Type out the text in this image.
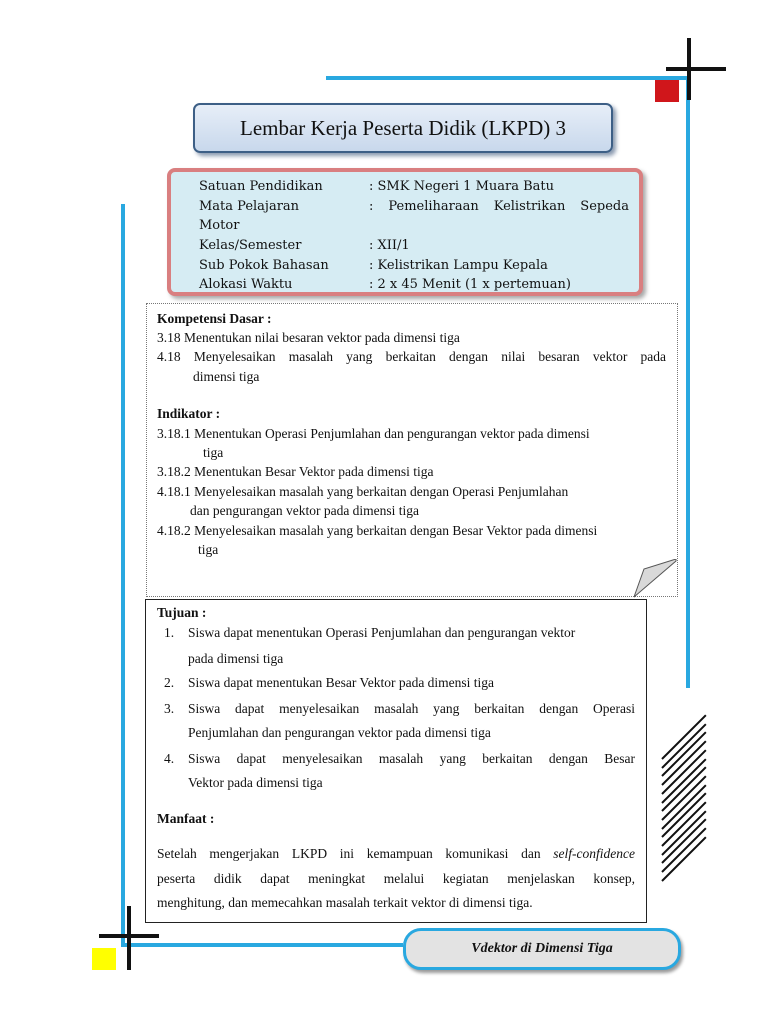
Lembar Kerja Peserta Didik (LKPD) 3
Satuan Pendidikan	: SMK Negeri 1 Muara Batu
Mata Pelajaran	: Pemeliharaan Kelistrikan Sepeda
Motor
Kelas/Semester	: XII/1
Sub Pokok Bahasan	: Kelistrikan Lampu Kepala
Alokasi Waktu	: 2 x 45 Menit (1 x pertemuan)
Kompetensi Dasar :
3.18 Menentukan nilai besaran vektor pada dimensi tiga
4.18 Menyelesaikan masalah yang berkaitan dengan nilai besaran vektor pada
dimensi tiga
Indikator :
3.18.1 Menentukan Operasi Penjumlahan dan pengurangan vektor pada dimensi
tiga
3.18.2 Menentukan Besar Vektor pada dimensi tiga
4.18.1 Menyelesaikan masalah yang berkaitan dengan Operasi Penjumlahan
dan pengurangan vektor pada dimensi tiga
4.18.2 Menyelesaikan masalah yang berkaitan dengan Besar Vektor pada dimensi
tiga
Tujuan :
1. Siswa dapat menentukan Operasi Penjumlahan dan pengurangan vektor
pada dimensi tiga
2. Siswa dapat menentukan Besar Vektor pada dimensi tiga
3. Siswa dapat menyelesaikan masalah yang berkaitan dengan Operasi
Penjumlahan dan pengurangan vektor pada dimensi tiga
4. Siswa dapat menyelesaikan masalah yang berkaitan dengan Besar
Vektor pada dimensi tiga
Manfaat :
Setelah mengerjakan LKPD ini kemampuan komunikasi dan self-confidence
peserta didik dapat meningkat melalui kegiatan menjelaskan konsep,
menghitung, dan memecahkan masalah terkait vektor di dimensi tiga.
Vdektor di Dimensi Tiga
